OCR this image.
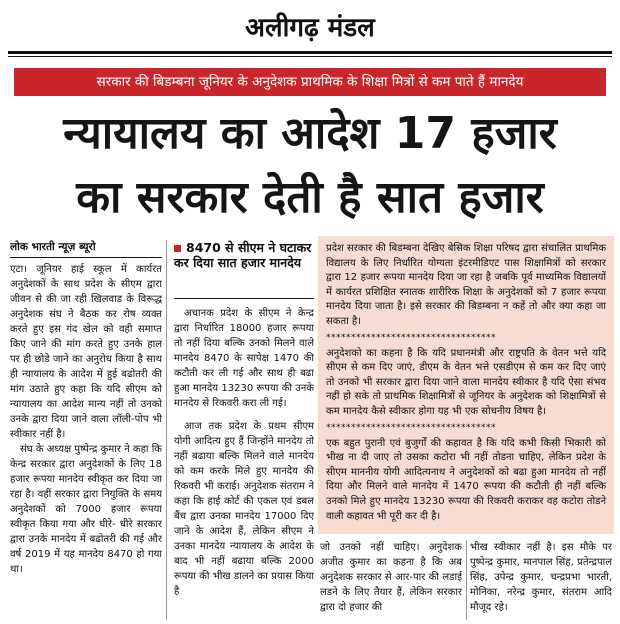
अलीगढ़ मंडल
सरकार की बिडम्बना जूनियर के अनुदेशक प्राथमिक के शिक्षा मित्रों से कम पाते हैं मानदेय
न्यायालय का आदेश 17 हजार
का सरकार देती है सात हजार

लोक भारती न्यूज़ ब्यूरो

एटा। जूनियर हाई स्कूल में कार्यरत अनुदेशकों के साथ प्रदेश के सीएम द्वारा जीवन से की जा रही खिलवाड के विरूद्ध अनुदेशक संघ ने बैठक कर रोष व्यक्त करते हुए इस गंद खेल को वही समाप्त किए जाने की मांग करते हुए उनके हाल पर ही छोडे जाने का अनुरोध किया है साथ ही न्यायालय के आदेश में हुई बढोतरी की मांग उठाते हुए कहा कि यदि सीएम को न्यायालय का आदेश मान्य नहीं तो उनको उनके द्वारा दिया जाने वाला लॉली-पोप भी स्वीकार नहीं है।

संघ के अध्यक्ष पुष्पेन्द्र कुमार ने कहा कि केन्द्र सरकार द्वारा अनुदेशकों के लिए 18 हजार रूपया मानदेय स्वीकृत कर दिया जा रहा है। वहीं सरकार द्वारा नियुक्ति के समय अनुदेशकों को 7000 हजार रूपया स्वीकृत किया गया और धीरे- धीरे सरकार द्वारा उनके मानदेय में बढोतरी की गई और वर्ष 2019 में यह मानदेय 8470 हो गया था।

8470 से सीएम ने घटाकर कर दिया सात हजार मानदेय

अचानक प्रदेश के सीएम ने केन्द्र द्वारा निर्धारित 18000 हजार रूपया तो नहीं दिया बल्कि उनको मिलने वाले मानदेय 8470 के सापेक्ष 1470 की कटौती कर ली गई और साथ ही बढा हुआ मानदेय 13230 रूपया की उनके मानदेय से रिकवरी करा ली गई।

आज तक प्रदेश के प्रथम सीएम योगी आदित्य हुए हैं जिन्होंने मानदेय तो नहीं बढाया बल्कि मिलने वाले मानदेय को कम करके मिले हुए मानदेय की रिकवरी भी कराई। अनुदेशक संतराम ने कहा कि हाई कोर्ट की एकल एवं डबल बैंच द्वारा उनका मानदेय 17000 दिए जाने के आदेश हैं, लेकिन सीएम ने उनका मानदेय न्यायालय के आदेश के बाद भी नहीं बढाया बल्कि 2000 रूपया की भीख डालने का प्रयास किया है

प्रदेश सरकार की बिडम्बना देखिए बेसिक शिक्षा परिषद द्वारा संचालित प्राथमिक विद्यालय के लिए निर्धारित योग्यता इंटरमीडिएट पास शिक्षामित्रों को सरकार द्वारा 12 हजार रूपया मानदेय दिया जा रहा है जबकि पूर्व माध्यमिक विद्यालयों में कार्यरत प्रशिक्षित स्नातक शारीरिक शिक्षा के अनुदेशकों को 7 हजार रूपया मानदेय दिया जाता है। इसे सरकार की बिडम्बना न कहें तो और क्या कहा जा सकता है।

**********************************

अनुदेशको का कहना है कि यदि प्रधानमंत्री और राष्ट्रपति के वेतन भत्ते यदि सीएम से कम दिए जाएं, डीएम के वेतन भत्ते एसडीएम से कम कर दिए जाएं तो उनको भी सरकार द्वारा दिया जाने वाला मानदेय स्वीकार है यदि ऐसा संभव नहीं हो सके तो प्राथमिक शिक्षामित्रों से जूनियर के अनुदेशक को शिक्षामित्रों से कम मानदेय कैसे स्वीकार होगा यह भी एक सोचनीय विषय है।

**********************************

एक बहुत पुरानी एवं बुजुर्गों की कहावत है कि यदि कभी किसी भिकारी को भीख ना दी जाए तो उसका कटोरा भी नहीं तोडना चाहिए, लेकिन प्रदेश के सीएम माननीय योगी आदित्यनाथ ने अनुदेशकों को बढा हुआ मानदेय तो नहीं दिया और मिलने वाले मानदेय में 1470 रूपया की कटौती ही नहीं बल्कि उनको मिले हुए मानदेय 13230 रूपया की रिकवरी कराकर वह कटोरा तोडने वाली कहावत भी पूरी कर दी है।

जो उनको नहीं चाहिए। अनुदेशक अजीत कुमार का कहना है कि अब अनुदेशक सरकार से आर-पार की लडाई लडने के लिए तैयार हैं, लेकिन सरकार द्वारा दो हजार की

भीख स्वीकार नहीं है। इस मौके पर पुष्पेन्द्र कुमार, मानपाल सिंह, प्रतेन्द्रपाल सिंह, उपेन्द्र कुमार, चन्द्रप्रभा भारती, मोनिका, नरेन्द्र कुमार, संतराम आदि मौजूद रहे।
